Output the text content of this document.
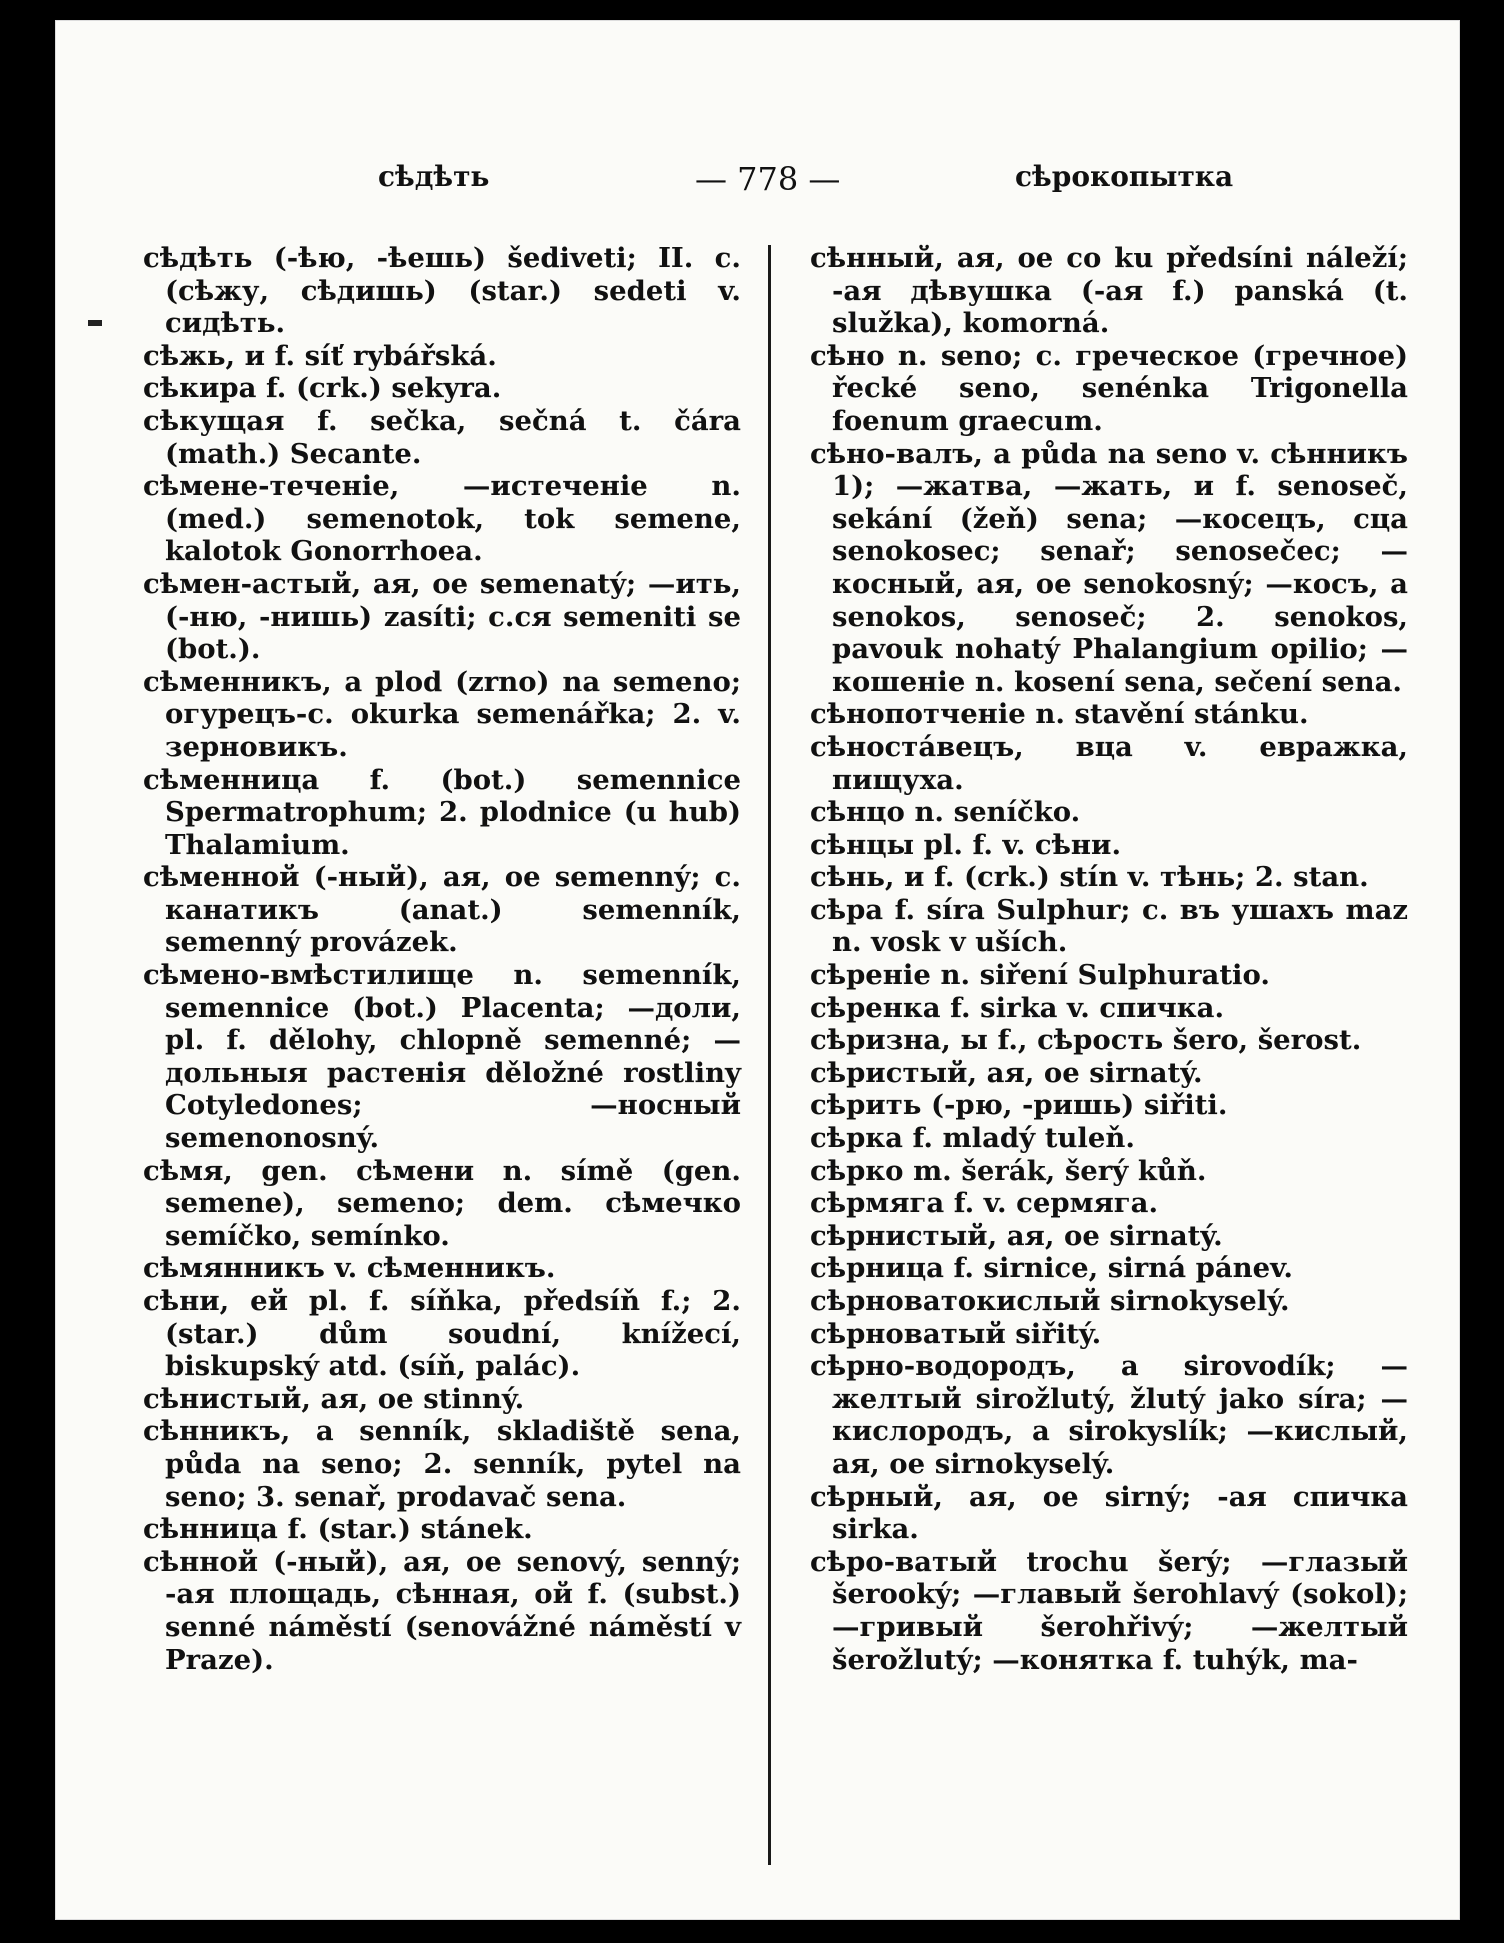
сѣдѣть	— 778 —	сѣрокопытка

сѣдѣть (-ѣю, -ѣешь) šediveti; II. c. (сѣжу, сѣдишь) (star.) sedeti v. сидѣть.

сѣжь, и f. síť rybářská.

сѣкира f. (crk.) sekyra.

сѣкущая f. sečka, sečná t. čára (math.) Secante.

сѣмене-теченіе, —истеченіе n. (med.) semenotok, tok semene, kalotok Gonorrhoea.

сѣмен-астый, ая, ое semenatý; —ить, (-ню, -нишь) zasíti; с.ся semeniti se (bot.).

сѣменникъ, a plod (zrno) na semeno; огурецъ-с. okurka semenářka; 2. v. зерновикъ.

сѣменница f. (bot.) semennice Spermatrophum; 2. plodnice (u hub) Thalamium.

сѣменной (-ный), ая, ое semenný; с. канатикъ (anat.) semenník, semenný provázek.

сѣмено-вмѣстилище n. semenník, semennice (bot.) Placenta; —доли, pl. f. dělohy, chlopně semenné; —дольныя растенія děložné rostliny Cotyledones; —носный semenonosný.

сѣмя, gen. сѣмени n. símě (gen. semene), semeno; dem. сѣмечко semíčko, semínko.

сѣмянникъ v. сѣменникъ.

сѣни, ей pl. f. síňka, předsíň f.; 2. (star.) dům soudní, knížecí, biskupský atd. (síň, palác).

сѣнистый, ая, ое stinný.

сѣнникъ, a senník, skladiště sena, půda na seno; 2. senník, pytel na seno; 3. senař, prodavač sena.

сѣнница f. (star.) stánek.

сѣнной (-ный), ая, ое senový, senný; -ая площадь, сѣнная, ой f. (subst.) senné náměstí (senovážné náměstí v Praze).

сѣнный, ая, ое co ku předsíni náleží; -ая дѣвушка (-ая f.) panská (t. služka), komorná.

сѣно n. seno; с. греческое (гречное) řecké seno, senénka Trigonella foenum graecum.

сѣно-валъ, a půda na seno v. сѣнникъ 1); —жатва, —жать, и f. senoseč, sekání (žeň) sena; —косецъ, сца senokosec; senař; senosečec; —косный, ая, ое senokosný; —косъ, a senokos, senoseč; 2. senokos, pavouk nohatý Phalangium opilio; —кошеніе n. kosení sena, sečení sena.

сѣнопотченіе n. stavění stánku.

сѣностáвецъ, вца v. евражка, пищуха.

сѣнцо n. seníčko.

сѣнцы pl. f. v. сѣни.

сѣнь, и f. (crk.) stín v. тѣнь; 2. stan.

сѣра f. síra Sulphur; с. въ ушахъ maz n. vosk v uších.

сѣреніе n. siření Sulphuratio.

сѣренка f. sirka v. спичка.

сѣризна, ы f., сѣрость šero, šerost.

сѣристый, ая, ое sirnatý.

сѣрить (-рю, -ришь) siřiti.

сѣрка f. mladý tuleň.

сѣрко m. šerák, šerý kůň.

сѣрмяга f. v. сермяга.

сѣрнистый, ая, ое sirnatý.

сѣрница f. sirnice, sirná pánev.

сѣрноватокислый sirnokyselý.

сѣрноватый siřitý.

сѣрно-водородъ, a sirovodík; —желтый sirožlutý, žlutý jako síra; —кислородъ, a sirokyslík; —кислый, ая, ое sirnokyselý.

сѣрный, ая, ое sirný; -ая спичка sirka.

сѣро-ватый trochu šerý; —глазый šerooký; —главый šerohlavý (sokol); —гривый šerohřivý; —желтый šerožlutý; —конятка f. tuhýk, ma-
